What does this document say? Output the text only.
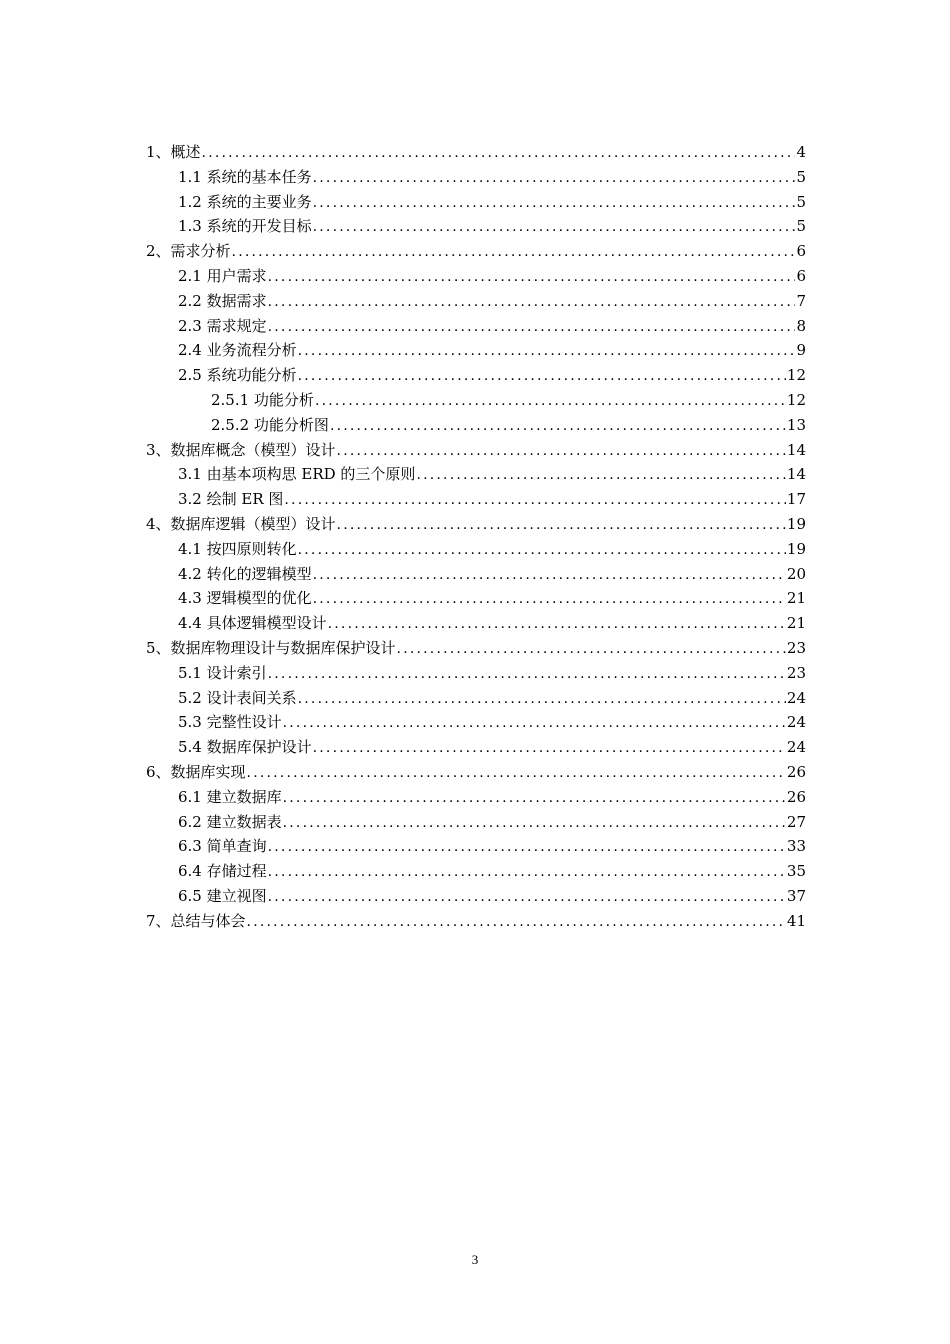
1、概述 .....	4
1.1 系统的基本任务 .....	5
1.2 系统的主要业务 .....	5
1.3 系统的开发目标 .....	5
2、需求分析 .....	6
2.1 用户需求 .....	6
2.2 数据需求 .....	7
2.3 需求规定 .....	8
2.4 业务流程分析 .....	9
2.5 系统功能分析 .....	12
2.5.1 功能分析 .....	12
2.5.2 功能分析图 .....	13
3、数据库概念（模型）设计 .....	14
3.1 由基本项构思 ERD 的三个原则 .....	14
3.2 绘制 ER 图 .....	17
4、数据库逻辑（模型）设计 .....	19
4.1 按四原则转化 .....	19
4.2 转化的逻辑模型 .....	20
4.3 逻辑模型的优化 .....	21
4.4 具体逻辑模型设计 .....	21
5、数据库物理设计与数据库保护设计 .....	23
5.1 设计索引 .....	23
5.2 设计表间关系 .....	24
5.3 完整性设计 .....	24
5.4 数据库保护设计 .....	24
6、数据库实现 .....	26
6.1 建立数据库 .....	26
6.2 建立数据表 .....	27
6.3 简单查询 .....	33
6.4 存储过程 .....	35
6.5 建立视图 .....	37
7、总结与体会 .....	41
3
